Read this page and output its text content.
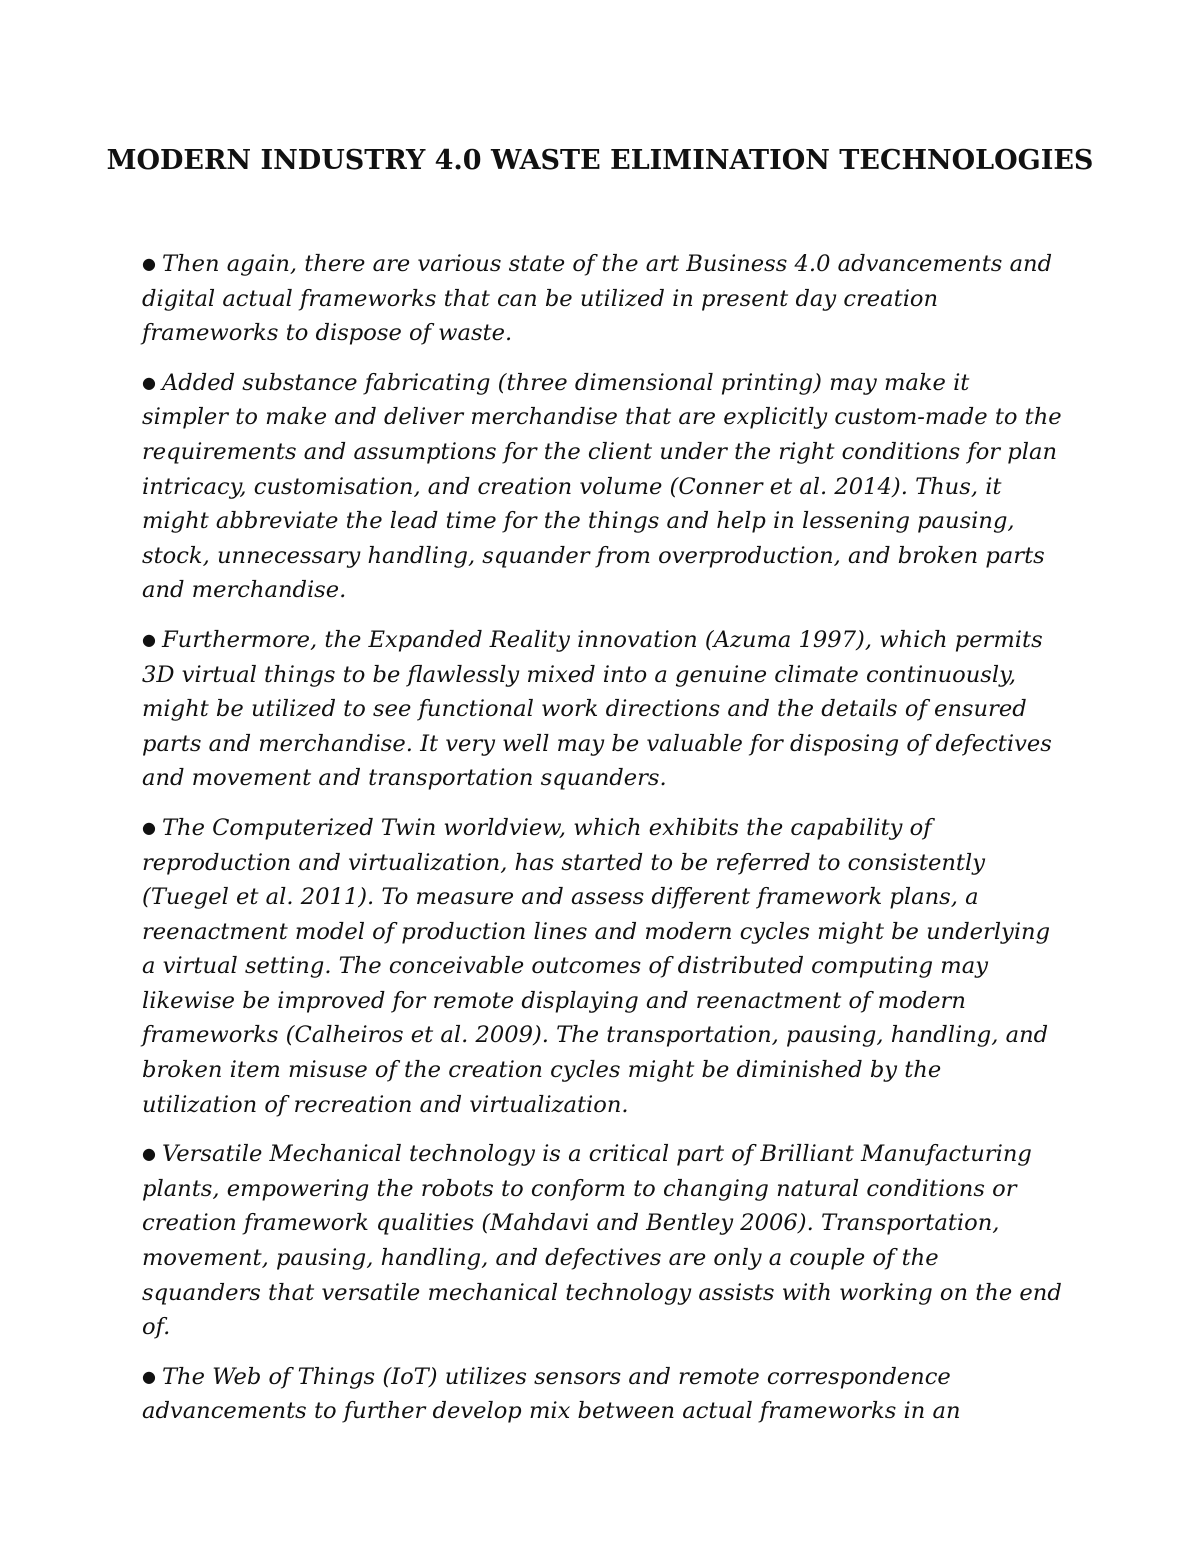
MODERN INDUSTRY 4.0 WASTE ELIMINATION TECHNOLOGIES
● Then again, there are various state of the art Business 4.0 advancements and digital actual frameworks that can be utilized in present day creation frameworks to dispose of waste.
● Added substance fabricating (three dimensional printing) may make it simpler to make and deliver merchandise that are explicitly custom-made to the requirements and assumptions for the client under the right conditions for plan intricacy, customisation, and creation volume (Conner et al. 2014). Thus, it might abbreviate the lead time for the things and help in lessening pausing, stock, unnecessary handling, squander from overproduction, and broken parts and merchandise.
● Furthermore, the Expanded Reality innovation (Azuma 1997), which permits 3D virtual things to be flawlessly mixed into a genuine climate continuously, might be utilized to see functional work directions and the details of ensured parts and merchandise. It very well may be valuable for disposing of defectives and movement and transportation squanders.
● The Computerized Twin worldview, which exhibits the capability of reproduction and virtualization, has started to be referred to consistently (Tuegel et al. 2011). To measure and assess different framework plans, a reenactment model of production lines and modern cycles might be underlying a virtual setting. The conceivable outcomes of distributed computing may likewise be improved for remote displaying and reenactment of modern frameworks (Calheiros et al. 2009). The transportation, pausing, handling, and broken item misuse of the creation cycles might be diminished by the utilization of recreation and virtualization.
● Versatile Mechanical technology is a critical part of Brilliant Manufacturing plants, empowering the robots to conform to changing natural conditions or creation framework qualities (Mahdavi and Bentley 2006). Transportation, movement, pausing, handling, and defectives are only a couple of the squanders that versatile mechanical technology assists with working on the end of.
● The Web of Things (IoT) utilizes sensors and remote correspondence advancements to further develop mix between actual frameworks in an
